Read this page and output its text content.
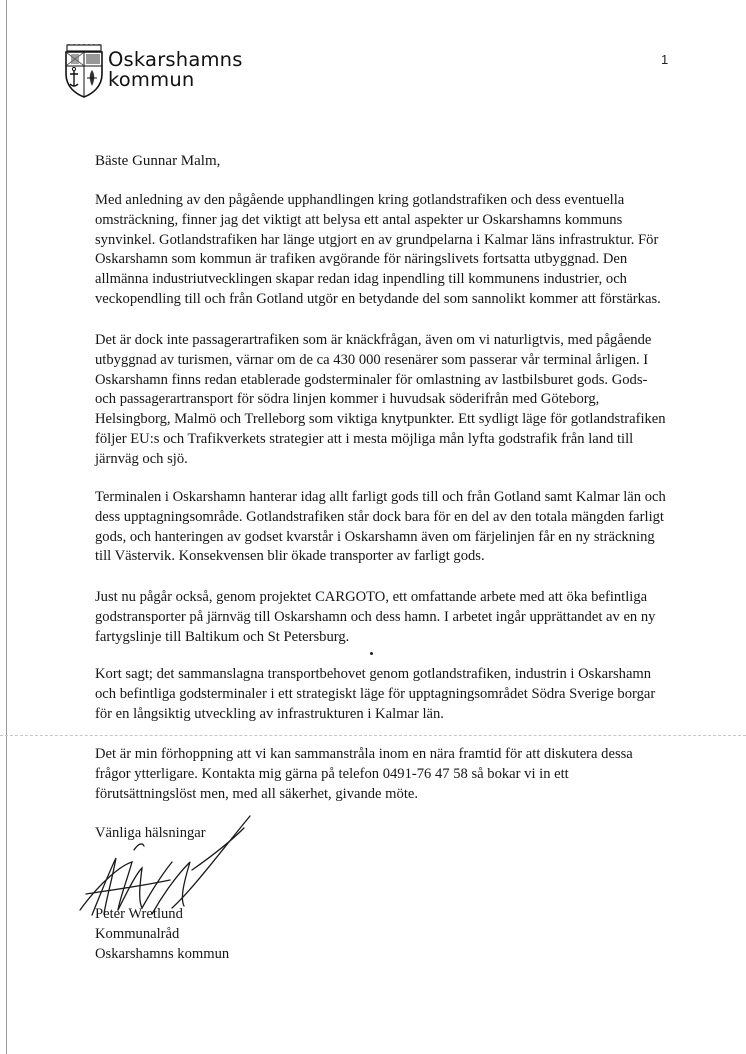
Oskarshamns
kommun
1
Bäste Gunnar Malm,
Med anledning av den pågående upphandlingen kring gotlandstrafiken och dess eventuella
omsträckning, finner jag det viktigt att belysa ett antal aspekter ur Oskarshamns kommuns
synvinkel. Gotlandstrafiken har länge utgjort en av grundpelarna i Kalmar läns infrastruktur. För
Oskarshamn som kommun är trafiken avgörande för näringslivets fortsatta utbyggnad. Den
allmänna industriutvecklingen skapar redan idag inpendling till kommunens industrier, och
veckopendling till och från Gotland utgör en betydande del som sannolikt kommer att förstärkas.
Det är dock inte passagerartrafiken som är knäckfrågan, även om vi naturligtvis, med pågående
utbyggnad av turismen, värnar om de ca 430 000 resenärer som passerar vår terminal årligen. I
Oskarshamn finns redan etablerade godsterminaler för omlastning av lastbilsburet gods. Gods-
och passagerartransport för södra linjen kommer i huvudsak söderifrån med Göteborg,
Helsingborg, Malmö och Trelleborg som viktiga knytpunkter. Ett sydligt läge för gotlandstrafiken
följer EU:s och Trafikverkets strategier att i mesta möjliga mån lyfta godstrafik från land till
järnväg och sjö.
Terminalen i Oskarshamn hanterar idag allt farligt gods till och från Gotland samt Kalmar län och
dess upptagningsområde. Gotlandstrafiken står dock bara för en del av den totala mängden farligt
gods, och hanteringen av godset kvarstår i Oskarshamn även om färjelinjen får en ny sträckning
till Västervik. Konsekvensen blir ökade transporter av farligt gods.
Just nu pågår också, genom projektet CARGOTO, ett omfattande arbete med att öka befintliga
godstransporter på järnväg till Oskarshamn och dess hamn. I arbetet ingår upprättandet av en ny
fartygslinje till Baltikum och St Petersburg.
Kort sagt; det sammanslagna transportbehovet genom gotlandstrafiken, industrin i Oskarshamn
och befintliga godsterminaler i ett strategiskt läge för upptagningsområdet Södra Sverige borgar
för en långsiktig utveckling av infrastrukturen i Kalmar län.
Det är min förhoppning att vi kan sammanstråla inom en nära framtid för att diskutera dessa
frågor ytterligare. Kontakta mig gärna på telefon 0491-76 47 58 så bokar vi in ett
förutsättningslöst men, med all säkerhet, givande möte.
Vänliga hälsningar
Peter Wretlund
Kommunalråd
Oskarshamns kommun
